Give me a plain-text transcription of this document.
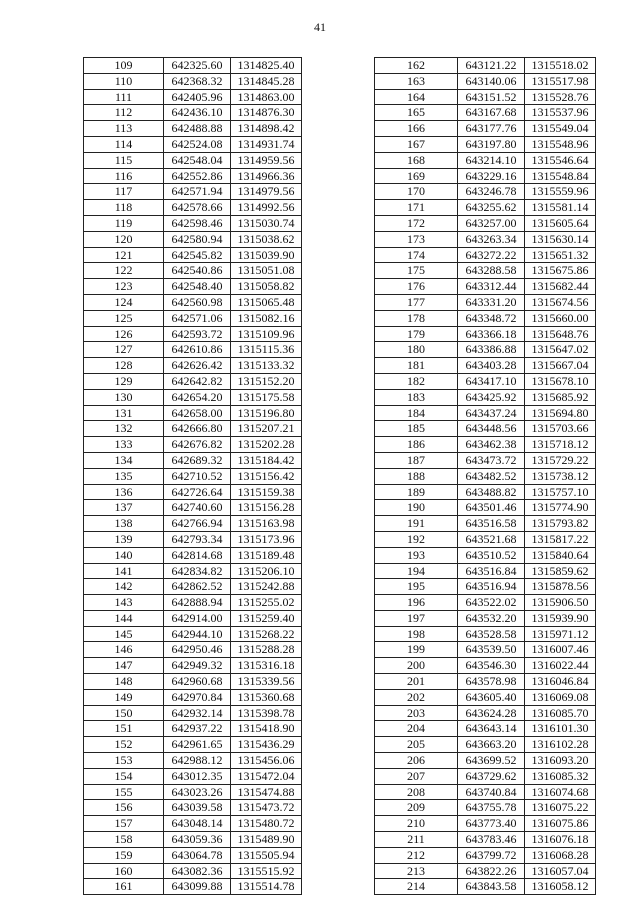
41
109	642325.60	1314825.40
110	642368.32	1314845.28
111	642405.96	1314863.00
112	642436.10	1314876.30
113	642488.88	1314898.42
114	642524.08	1314931.74
115	642548.04	1314959.56
116	642552.86	1314966.36
117	642571.94	1314979.56
118	642578.66	1314992.56
119	642598.46	1315030.74
120	642580.94	1315038.62
121	642545.82	1315039.90
122	642540.86	1315051.08
123	642548.40	1315058.82
124	642560.98	1315065.48
125	642571.06	1315082.16
126	642593.72	1315109.96
127	642610.86	1315115.36
128	642626.42	1315133.32
129	642642.82	1315152.20
130	642654.20	1315175.58
131	642658.00	1315196.80
132	642666.80	1315207.21
133	642676.82	1315202.28
134	642689.32	1315184.42
135	642710.52	1315156.42
136	642726.64	1315159.38
137	642740.60	1315156.28
138	642766.94	1315163.98
139	642793.34	1315173.96
140	642814.68	1315189.48
141	642834.82	1315206.10
142	642862.52	1315242.88
143	642888.94	1315255.02
144	642914.00	1315259.40
145	642944.10	1315268.22
146	642950.46	1315288.28
147	642949.32	1315316.18
148	642960.68	1315339.56
149	642970.84	1315360.68
150	642932.14	1315398.78
151	642937.22	1315418.90
152	642961.65	1315436.29
153	642988.12	1315456.06
154	643012.35	1315472.04
155	643023.26	1315474.88
156	643039.58	1315473.72
157	643048.14	1315480.72
158	643059.36	1315489.90
159	643064.78	1315505.94
160	643082.36	1315515.92
161	643099.88	1315514.78
162	643121.22	1315518.02
163	643140.06	1315517.98
164	643151.52	1315528.76
165	643167.68	1315537.96
166	643177.76	1315549.04
167	643197.80	1315548.96
168	643214.10	1315546.64
169	643229.16	1315548.84
170	643246.78	1315559.96
171	643255.62	1315581.14
172	643257.00	1315605.64
173	643263.34	1315630.14
174	643272.22	1315651.32
175	643288.58	1315675.86
176	643312.44	1315682.44
177	643331.20	1315674.56
178	643348.72	1315660.00
179	643366.18	1315648.76
180	643386.88	1315647.02
181	643403.28	1315667.04
182	643417.10	1315678.10
183	643425.92	1315685.92
184	643437.24	1315694.80
185	643448.56	1315703.66
186	643462.38	1315718.12
187	643473.72	1315729.22
188	643482.52	1315738.12
189	643488.82	1315757.10
190	643501.46	1315774.90
191	643516.58	1315793.82
192	643521.68	1315817.22
193	643510.52	1315840.64
194	643516.84	1315859.62
195	643516.94	1315878.56
196	643522.02	1315906.50
197	643532.20	1315939.90
198	643528.58	1315971.12
199	643539.50	1316007.46
200	643546.30	1316022.44
201	643578.98	1316046.84
202	643605.40	1316069.08
203	643624.28	1316085.70
204	643643.14	1316101.30
205	643663.20	1316102.28
206	643699.52	1316093.20
207	643729.62	1316085.32
208	643740.84	1316074.68
209	643755.78	1316075.22
210	643773.40	1316075.86
211	643783.46	1316076.18
212	643799.72	1316068.28
213	643822.26	1316057.04
214	643843.58	1316058.12
